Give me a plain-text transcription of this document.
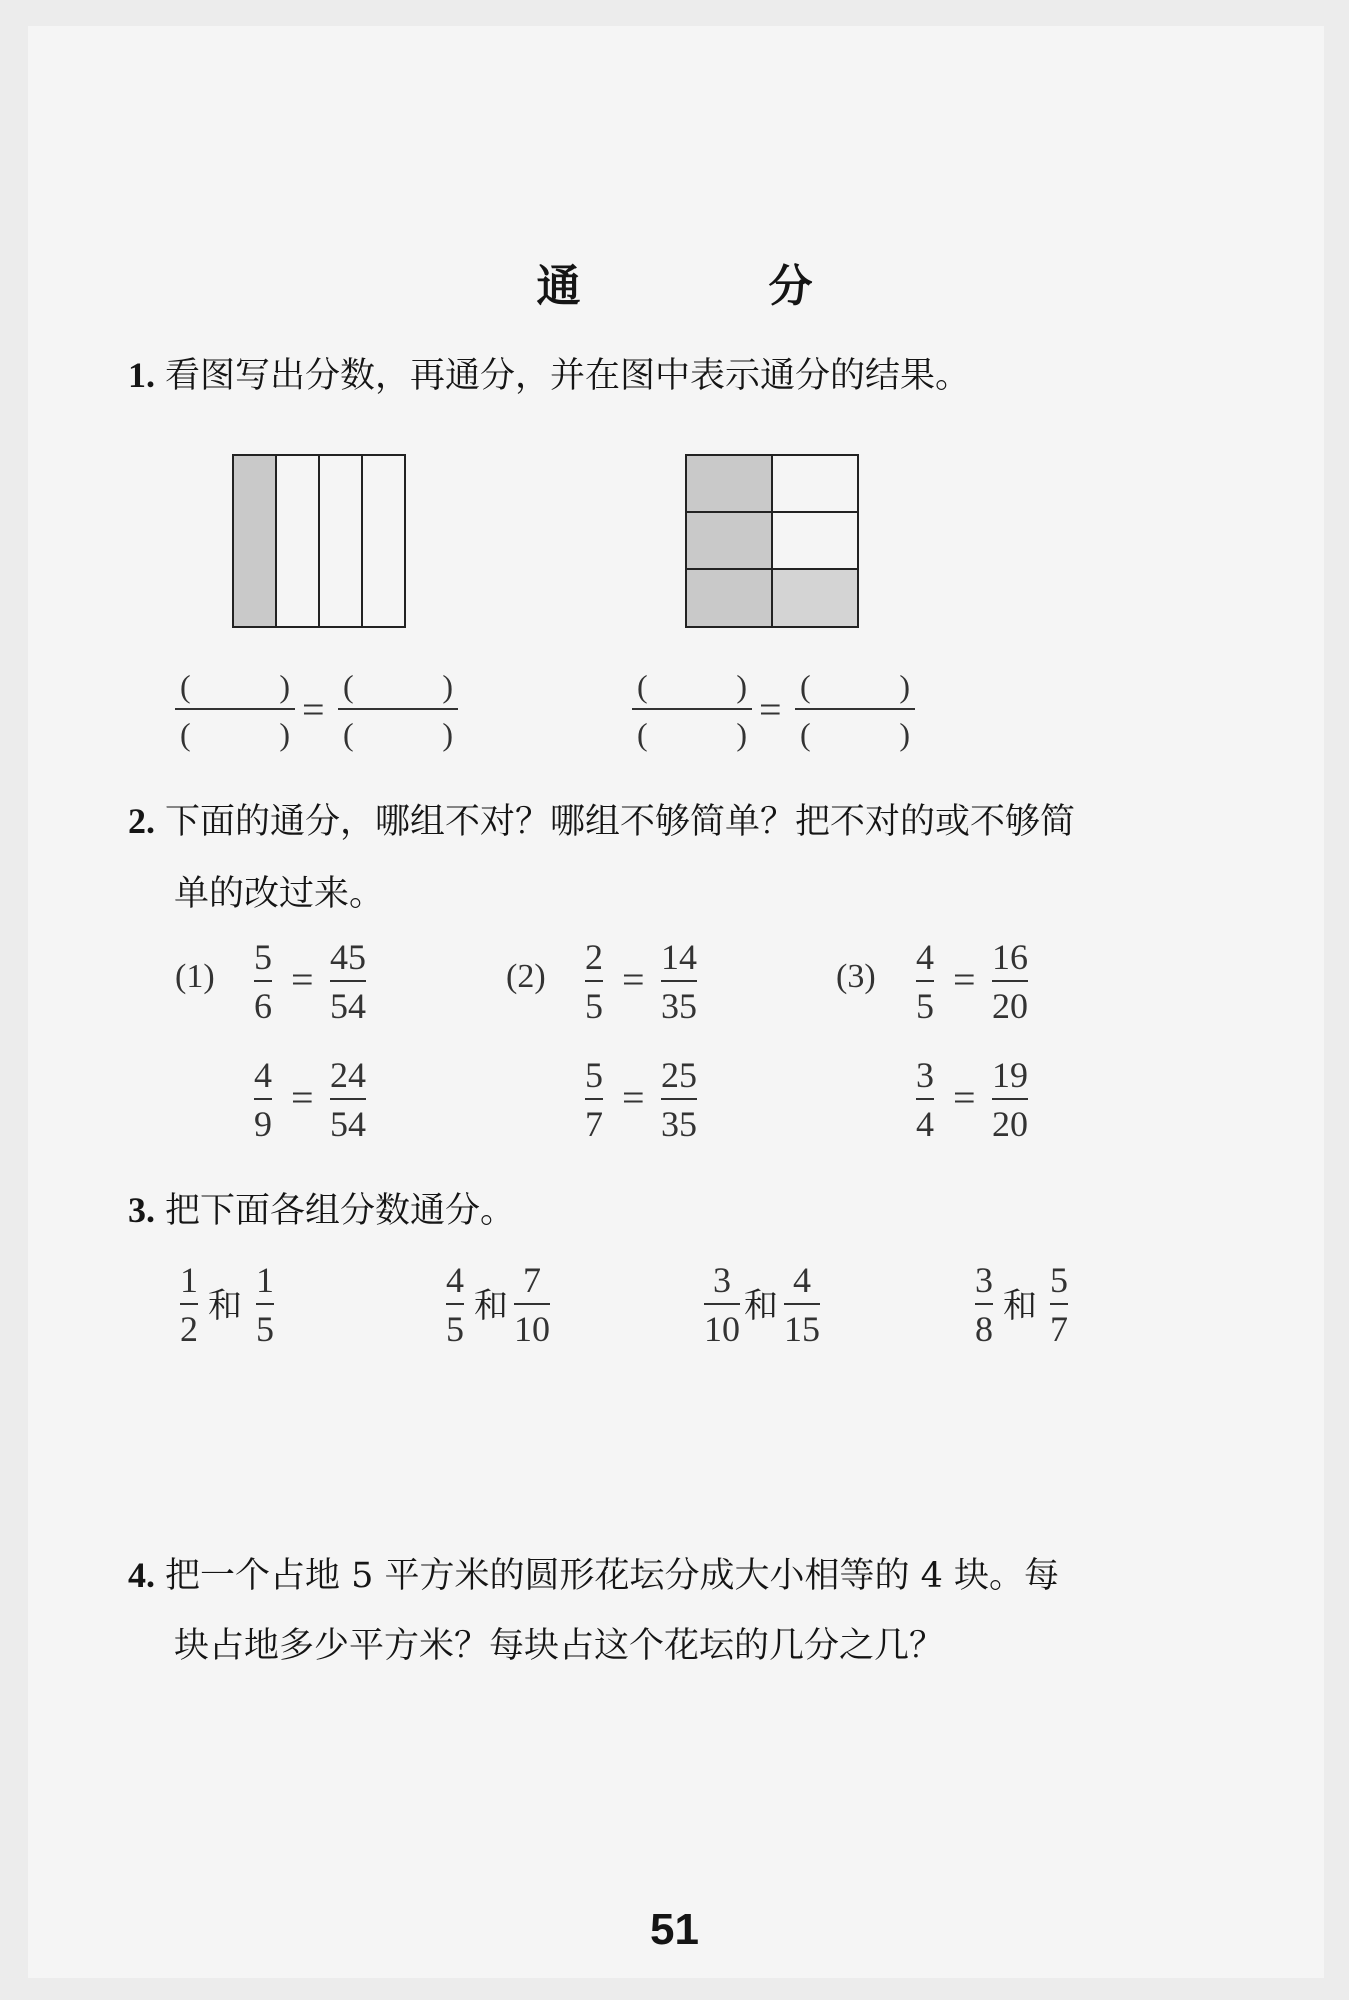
通　分
1. 看图写出分数，再通分，并在图中表示通分的结果。
(	)
(	)
=
(	)
(	)
(	)
(	)
=
(	)
(	)
2. 下面的通分，哪组不对？哪组不够简单？把不对的或不够简
单的改过来。
(1) 5
6
= 45
54
4
9
= 24
54
(2) 2
5
= 14
35
5
7
= 25
35
(3) 4
5
= 16
20
3
4
= 19
20
3. 把下面各组分数通分。
1
2
和
1
5
4
5
和
7
10
3
10
和
4
15
3
8
和
5
7
4. 把一个占地 5 平方米的圆形花坛分成大小相等的 4 块。每
块占地多少平方米？每块占这个花坛的几分之几？
51
